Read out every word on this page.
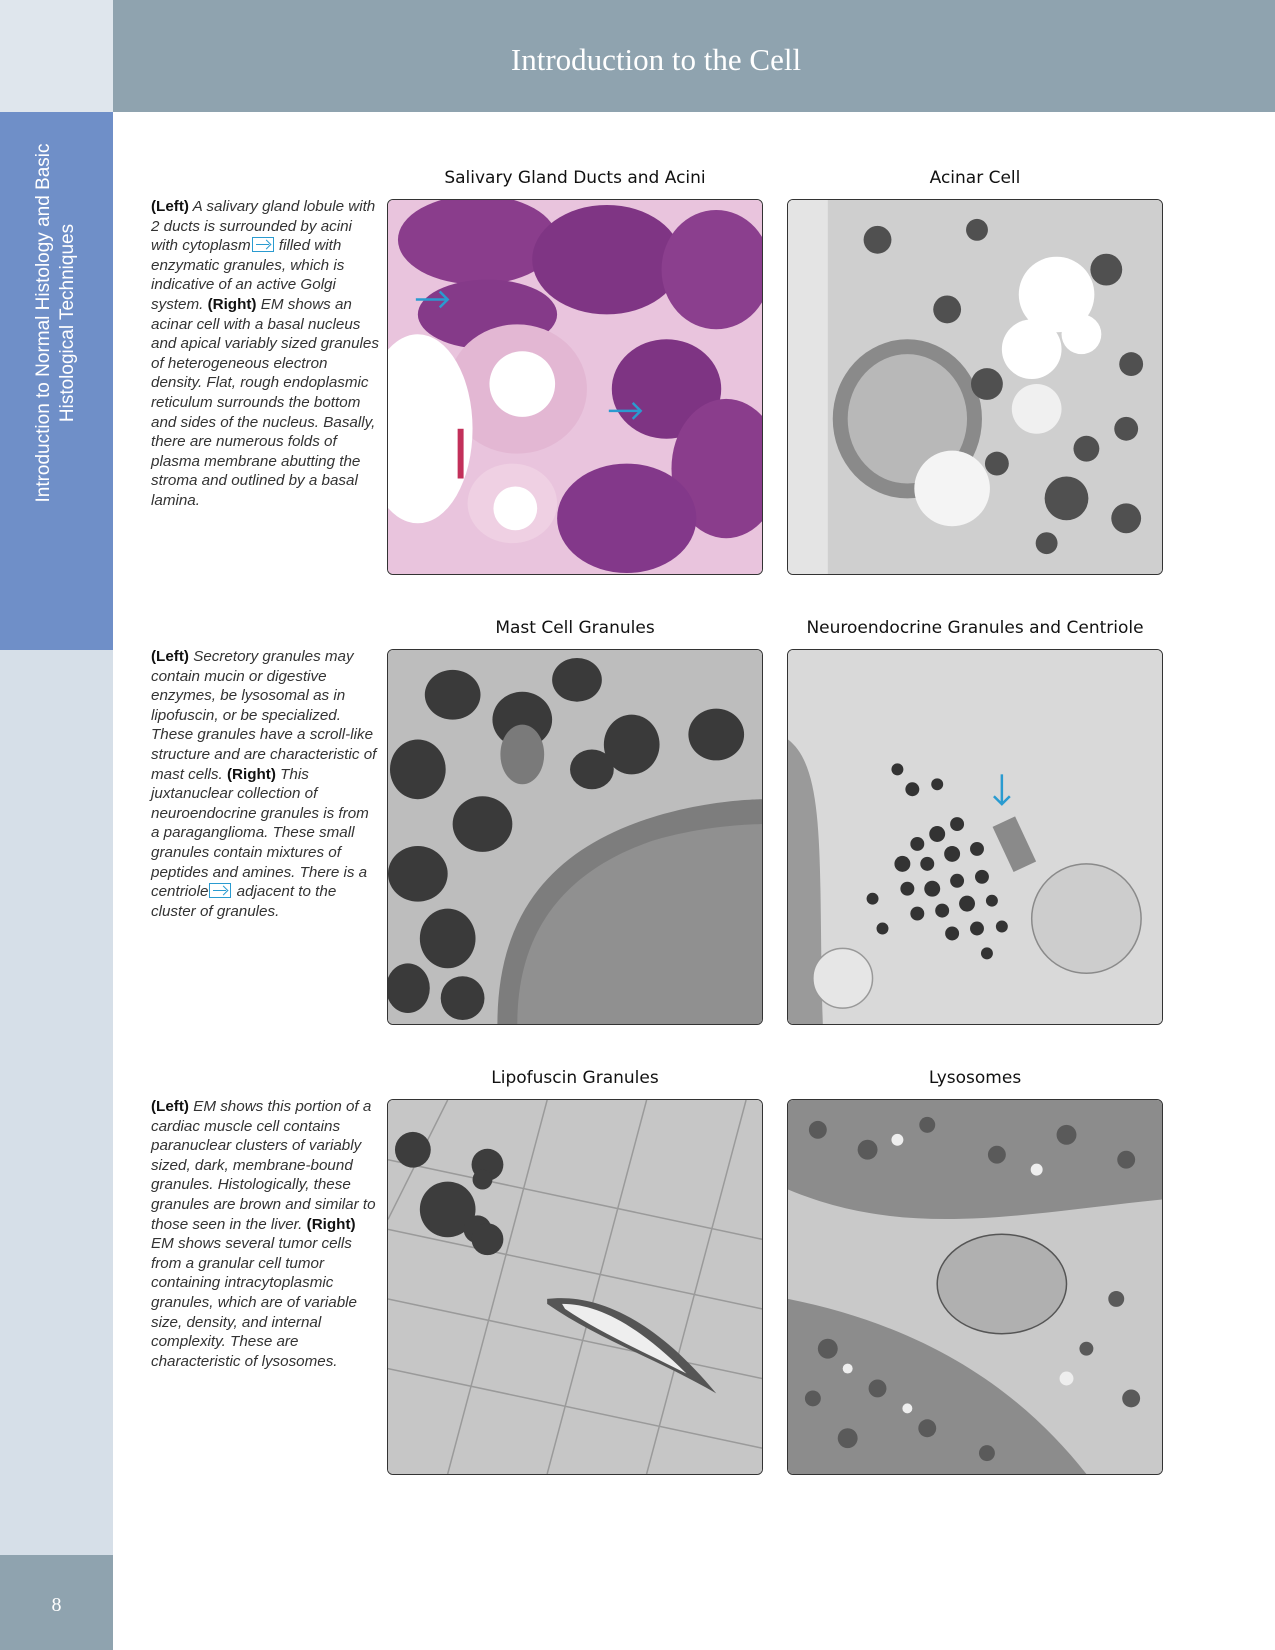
Introduction to Normal Histology and Basic Histological Techniques
8
Introduction to the Cell
Salivary Gland Ducts and Acini	Acinar Cell
(Left) A salivary gland lobule with 2 ducts is surrounded by acini with cytoplasm filled with enzymatic granules, which is indicative of an active Golgi system. (Right) EM shows an acinar cell with a basal nucleus and apical variably sized granules of heterogeneous electron density. Flat, rough endoplasmic reticulum surrounds the bottom and sides of the nucleus. Basally, there are numerous folds of plasma membrane abutting the stroma and outlined by a basal lamina.
Mast Cell Granules	Neuroendocrine Granules and Centriole
(Left) Secretory granules may contain mucin or digestive enzymes, be lysosomal as in lipofuscin, or be specialized. These granules have a scroll-like structure and are characteristic of mast cells. (Right) This juxtanuclear collection of neuroendocrine granules is from a paraganglioma. These small granules contain mixtures of peptides and amines. There is a centriole adjacent to the cluster of granules.
Lipofuscin Granules	Lysosomes
(Left) EM shows this portion of a cardiac muscle cell contains paranuclear clusters of variably sized, dark, membrane-bound granules. Histologically, these granules are brown and similar to those seen in the liver. (Right) EM shows several tumor cells from a granular cell tumor containing intracytoplasmic granules, which are of variable size, density, and internal complexity. These are characteristic of lysosomes.
